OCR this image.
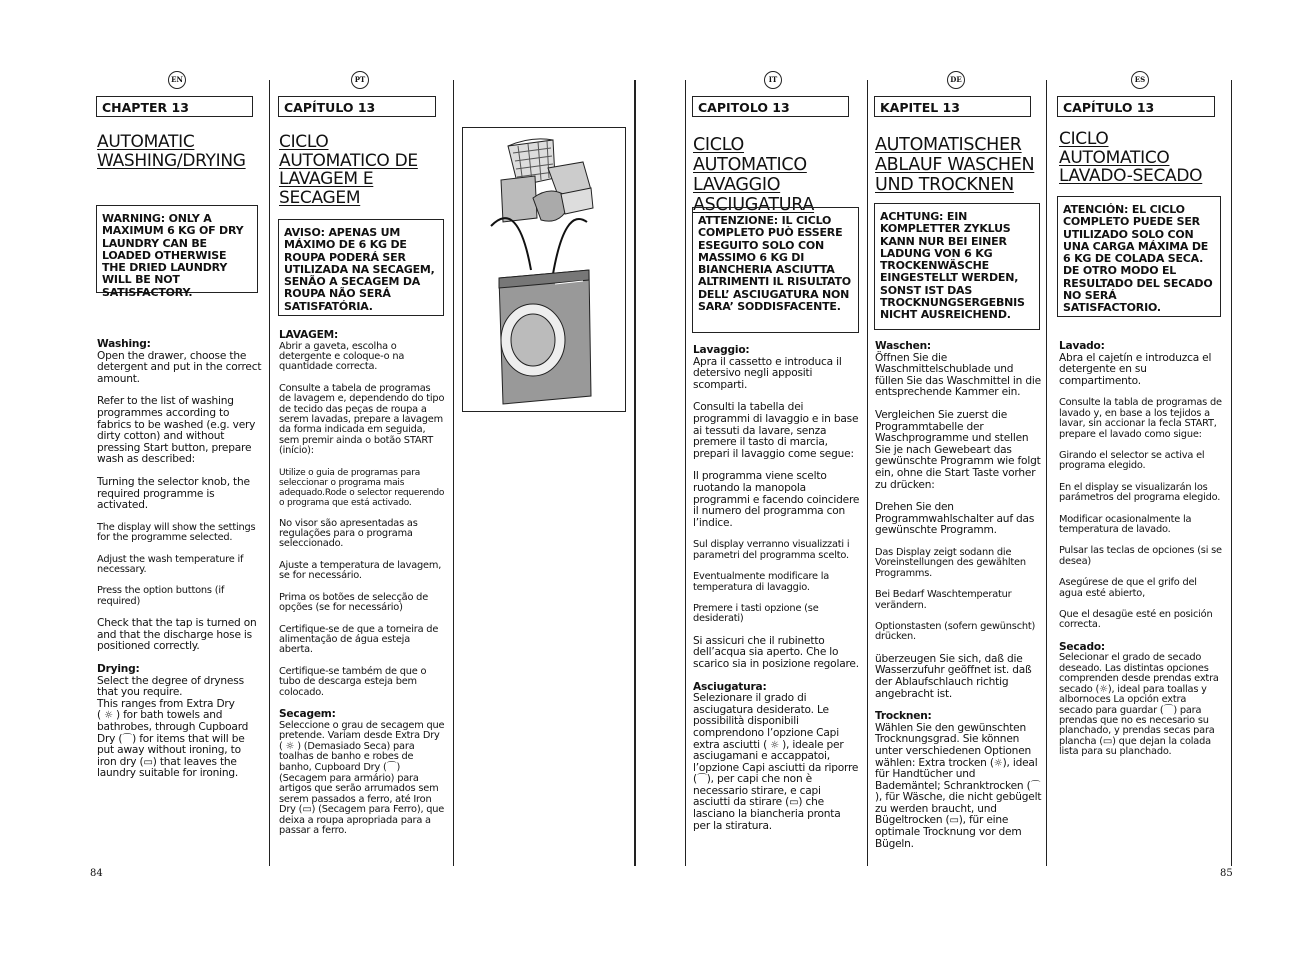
84	85
EN
CHAPTER 13
AUTOMATIC WASHING/DRYING
WARNING: ONLY A MAXIMUM 6 KG OF DRY LAUNDRY CAN BE LOADED OTHERWISE THE DRIED LAUNDRY WILL BE NOT SATISFACTORY.
Washing:

Open the drawer, choose the detergent and put in the correct amount.

Refer to the list of washing programmes according to fabrics to be washed (e.g. very dirty cotton) and without pressing Start button, prepare wash as described:

Turning the selector knob, the required programme is activated.

The display will show the settings for the programme selected.

Adjust the wash temperature if necessary.

Press the option buttons (if required)

Check that the tap is turned on and that the discharge hose is positioned correctly.

Drying:
Select the degree of dryness that you require.
This ranges from Extra Dry
( ☼ ) for bath towels and bathrobes, through Cupboard Dry (⌒) for items that will be put away without ironing, to iron dry (▭) that leaves the laundry suitable for ironing.
PT
CAPÍTULO 13
CICLO AUTOMATICO DE LAVAGEM E SECAGEM
AVISO: APENAS UM MÁXIMO DE 6 KG DE ROUPA PODERÁ SER UTILIZADA NA SECAGEM, SENÃO A SECAGEM DA ROUPA NÃO SERÁ SATISFATÓRIA.
LAVAGEM:

Abrir a gaveta, escolha o detergente e coloque-o na quantidade correcta.

Consulte a tabela de programas de lavagem e, dependendo do tipo de tecido das peças de roupa a serem lavadas, prepare a lavagem da forma indicada em seguida, sem premir ainda o botão START (início):

Utilize o guia de programas para seleccionar o programa mais adequado.Rode o selector requerendo o programa que está activado.

No visor são apresentadas as regulações para o programa seleccionado.

Ajuste a temperatura de lavagem, se for necessário.

Prima os botões de selecção de opções (se for necessário)

Certifique-se de que a torneira de alimentação de água esteja aberta.

Certifique-se também de que o tubo de descarga esteja bem colocado.

Secagem:
Seleccione o grau de secagem que pretende. Variam desde Extra Dry ( ☼ ) (Demasiado Seca) para toalhas de banho e robes de banho, Cupboard Dry (⌒) (Secagem para armário) para artigos que serão arrumados sem serem passados a ferro, até Iron Dry (▭) (Secagem para Ferro), que deixa a roupa apropriada para a passar a ferro.
IT
CAPITOLO 13
CICLO AUTOMATICO LAVAGGIO ASCIUGATURA
ATTENZIONE: IL CICLO COMPLETO PUÒ ESSERE ESEGUITO SOLO CON MASSIMO 6 KG DI BIANCHERIA ASCIUTTA ALTRIMENTI IL RISULTATO DELL’ ASCIUGATURA NON SARA’ SODDISFACENTE.
Lavaggio:

Apra il cassetto e introduca il detersivo negli appositi scomparti.

Consulti la tabella dei programmi di lavaggio e in base ai tessuti da lavare, senza premere il tasto di marcia, prepari il lavaggio come segue:

Il programma viene scelto ruotando la manopola programmi e facendo coincidere il numero del programma con l’indice.

Sul display verranno visualizzati i parametri del programma scelto.

Eventualmente modificare la temperatura di lavaggio.

Premere i tasti opzione (se desiderati)

Si assicuri che il rubinetto dell’acqua sia aperto. Che lo scarico sia in posizione regolare.

Asciugatura:
Selezionare il grado di asciugatura desiderato. Le possibilità disponibili comprendono l’opzione Capi extra asciutti ( ☼ ), ideale per asciugamani e accappatoi, l’opzione Capi asciutti da riporre (⌒), per capi che non è necessario stirare, e capi asciutti da stirare (▭) che lasciano la biancheria pronta per la stiratura.
DE
KAPITEL 13
AUTOMATISCHER ABLAUF WASCHEN UND TROCKNEN
ACHTUNG: EIN KOMPLETTER ZYKLUS KANN NUR BEI EINER LADUNG VON 6 KG TROCKENWÄSCHE EINGESTELLT WERDEN, SONST IST DAS TROCKNUNGSERGEBNIS NICHT AUSREICHEND.
Waschen:

Öffnen Sie die Waschmittelschublade und füllen Sie das Waschmittel in die entsprechende Kammer ein.

Vergleichen Sie zuerst die Programmtabelle der Waschprogramme und stellen Sie je nach Gewebeart das gewünschte Programm wie folgt ein, ohne die Start Taste vorher zu drücken:

Drehen Sie den Programmwahlschalter auf das gewünschte Programm.

Das Display zeigt sodann die Voreinstellungen des gewählten Programms.

Bei Bedarf Waschtemperatur verändern.

Optionstasten (sofern gewünscht) drücken.

überzeugen Sie sich, daß die Wasserzufuhr geöffnet ist. daß der Ablaufschlauch richtig angebracht ist.

Trocknen:
Wählen Sie den gewünschten Trocknungsgrad. Sie können unter verschiedenen Optionen wählen: Extra trocken (☼), ideal für Handtücher und Bademäntel; Schranktrocken (⌒), für Wäsche, die nicht gebügelt zu werden braucht, und Bügeltrocken (▭), für eine optimale Trocknung vor dem Bügeln.
ES
CAPÍTULO 13
CICLO AUTOMATICO LAVADO-SECADO
ATENCIÓN: EL CICLO COMPLETO PUEDE SER UTILIZADO SOLO CON UNA CARGA MÁXIMA DE 6 KG DE COLADA SECA. DE OTRO MODO EL RESULTADO DEL SECADO NO SERÁ SATISFACTORIO.
Lavado:

Abra el cajetín e introduzca el detergente en su compartimento.

Consulte la tabla de programas de lavado y, en base a los tejidos a lavar, sin accionar la fecla START, prepare el lavado como sigue:

Girando el selector se activa el programa elegido.

En el display se visualizarán los parámetros del programa elegido.

Modificar ocasionalmente la temperatura de lavado.

Pulsar las teclas de opciones (si se desea)

Asegúrese de que el grifo del agua esté abierto,

Que el desagüe esté en posición correcta.

Secado:
Selecionar el grado de secado deseado. Las distintas opciones comprenden desde prendas extra secado (☼), ideal para toallas y albornoces La opción extra secado para guardar (⌒) para prendas que no es necesario su planchado, y prendas secas para plancha (▭) que dejan la colada lista para su planchado.
